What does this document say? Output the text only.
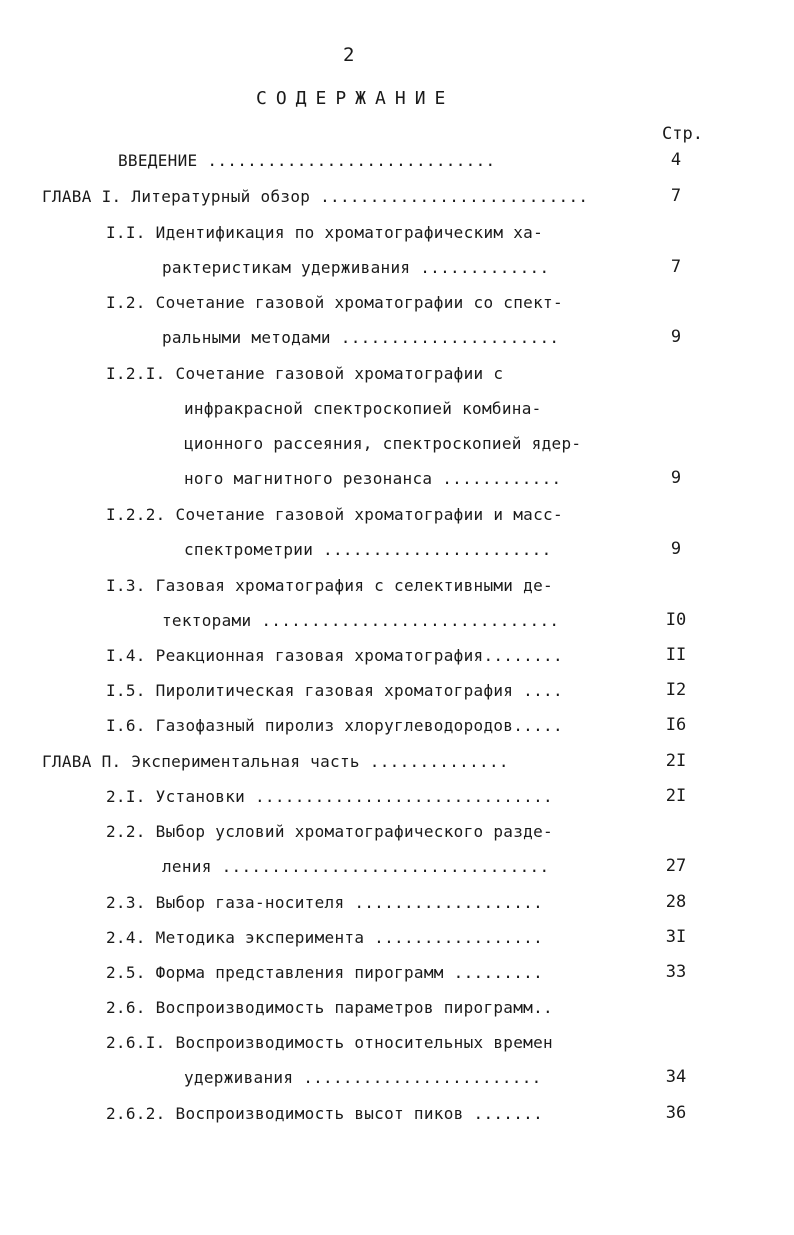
2
СОДЕРЖАНИЕ
Стр.
ВВЕДЕНИЕ .............................	4
ГЛАВА I. Литературный обзор ...........................	7
I.I. Идентификация по хроматографическим ха-
рактеристикам удерживания .............	7
I.2. Сочетание газовой хроматографии со спект-
ральными методами ......................	9
I.2.I. Сочетание газовой хроматографии с
инфракрасной спектроскопией комбина-
ционного рассеяния, спектроскопией ядер-
ного магнитного резонанса ............	9
I.2.2. Сочетание газовой хроматографии и масс-
спектрометрии .......................	9
I.3. Газовая хроматография с селективными де-
текторами ..............................	I0
I.4. Реакционная газовая хроматография........	II
I.5. Пиролитическая газовая хроматография ....	I2
I.6. Газофазный пиролиз хлоруглеводородов.....	I6
ГЛАВА П. Экспериментальная часть ..............	2I
2.I. Установки ..............................	2I
2.2. Выбор условий хроматографического разде-
ления .................................	27
2.3. Выбор газа-носителя ...................	28
2.4. Методика эксперимента .................	3I
2.5. Форма представления пирограмм .........	33
2.6. Воспроизводимость параметров пирограмм..
2.6.I. Воспроизводимость относительных времен
удерживания ........................	34
2.6.2. Воспроизводимость высот пиков .......	36
